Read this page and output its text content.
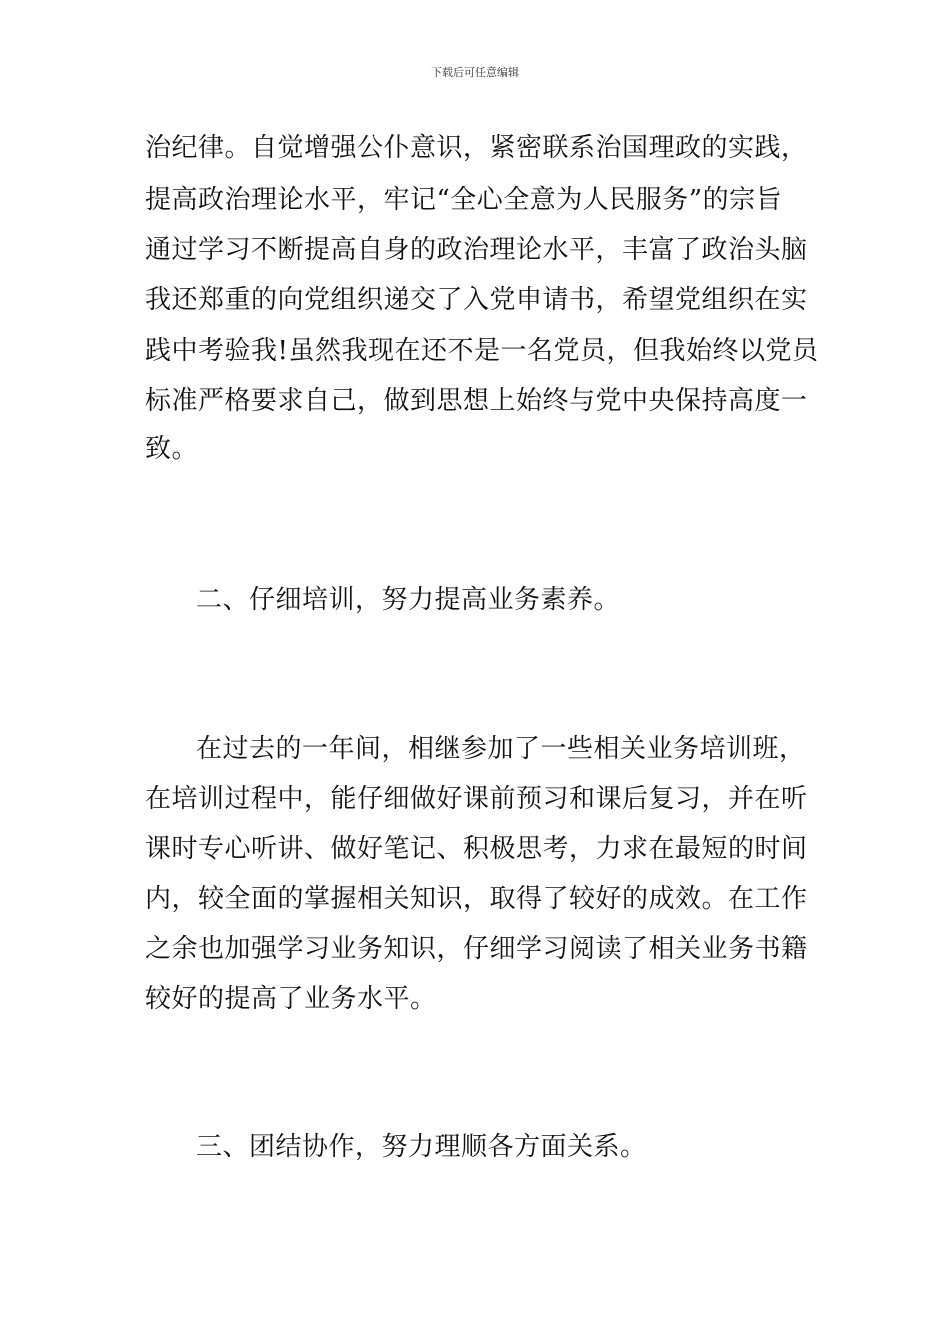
下载后可任意编辑
治纪律。自觉增强公仆意识，紧密联系治国理政的实践，
提高政治理论水平，牢记“全心全意为人民服务”的宗旨
通过学习不断提高自身的政治理论水平，丰富了政治头脑
我还郑重的向党组织递交了入党申请书，希望党组织在实
践中考验我!虽然我现在还不是一名党员，但我始终以党员
标准严格要求自己，做到思想上始终与党中央保持高度一
致。
二、仔细培训，努力提高业务素养。
在过去的一年间，相继参加了一些相关业务培训班，
在培训过程中，能仔细做好课前预习和课后复习，并在听
课时专心听讲、做好笔记、积极思考，力求在最短的时间
内，较全面的掌握相关知识，取得了较好的成效。在工作
之余也加强学习业务知识，仔细学习阅读了相关业务书籍
较好的提高了业务水平。
三、团结协作，努力理顺各方面关系。
